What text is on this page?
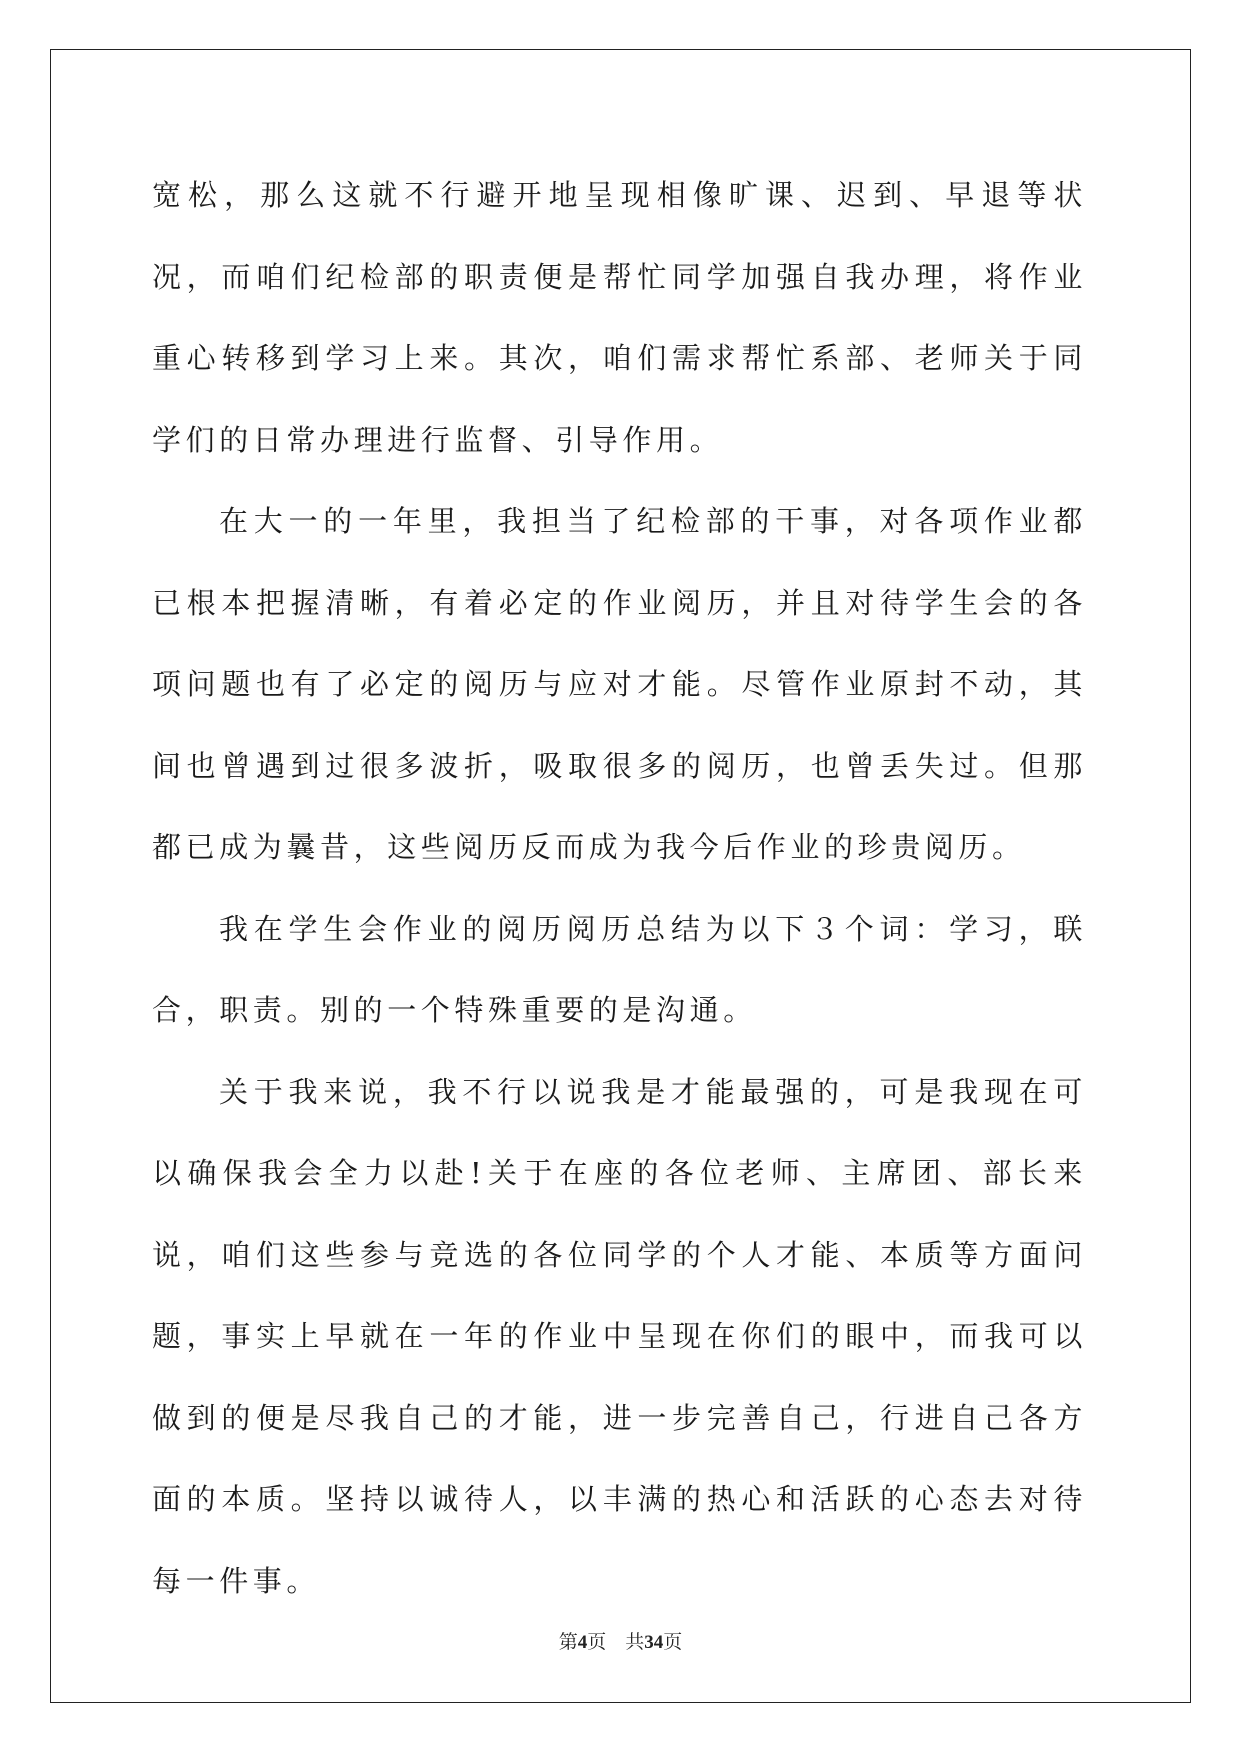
宽松，那么这就不行避开地呈现相像旷课、迟到、早退等状况，而咱们纪检部的职责便是帮忙同学加强自我办理，将作业重心转移到学习上来。其次，咱们需求帮忙系部、老师关于同学们的日常办理进行监督、引导作用。

在大一的一年里，我担当了纪检部的干事，对各项作业都已根本把握清晰，有着必定的作业阅历，并且对待学生会的各项问题也有了必定的阅历与应对才能。尽管作业原封不动，其间也曾遇到过很多波折，吸取很多的阅历，也曾丢失过。但那都已成为曩昔，这些阅历反而成为我今后作业的珍贵阅历。

我在学生会作业的阅历阅历总结为以下３个词：学习，联合，职责。别的一个特殊重要的是沟通。

关于我来说，我不行以说我是才能最强的，可是我现在可以确保我会全力以赴!关于在座的各位老师、主席团、部长来说，咱们这些参与竞选的各位同学的个人才能、本质等方面问题，事实上早就在一年的作业中呈现在你们的眼中，而我可以做到的便是尽我自己的才能，进一步完善自己，行进自己各方面的本质。坚持以诚待人，以丰满的热心和活跃的心态去对待每一件事。

第4页 共34页
